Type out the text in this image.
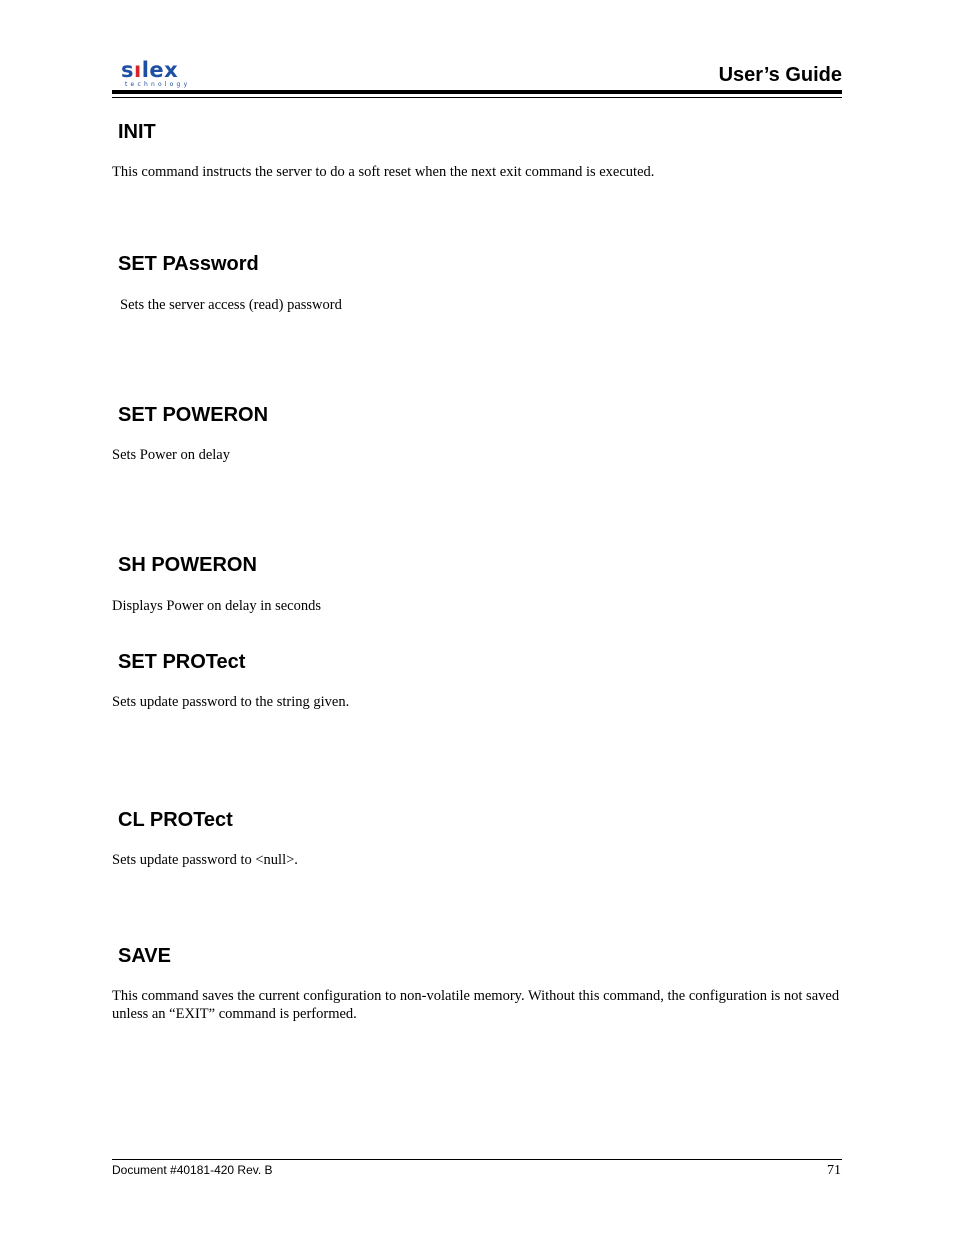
sılex
technology	User’s Guide
INIT

This command instructs the server to do a soft reset when the next exit command is executed.

SET PAssword

Sets the server access (read) password

SET POWERON

Sets Power on delay

SH POWERON

Displays Power on delay in seconds

SET PROTect

Sets update password to the string given.

CL PROTect

Sets update password to <null>.

SAVE

This command saves the current configuration to non-volatile memory. Without this command, the configuration is not saved unless an “EXIT” command is performed.

Document #40181-420 Rev. B	71
